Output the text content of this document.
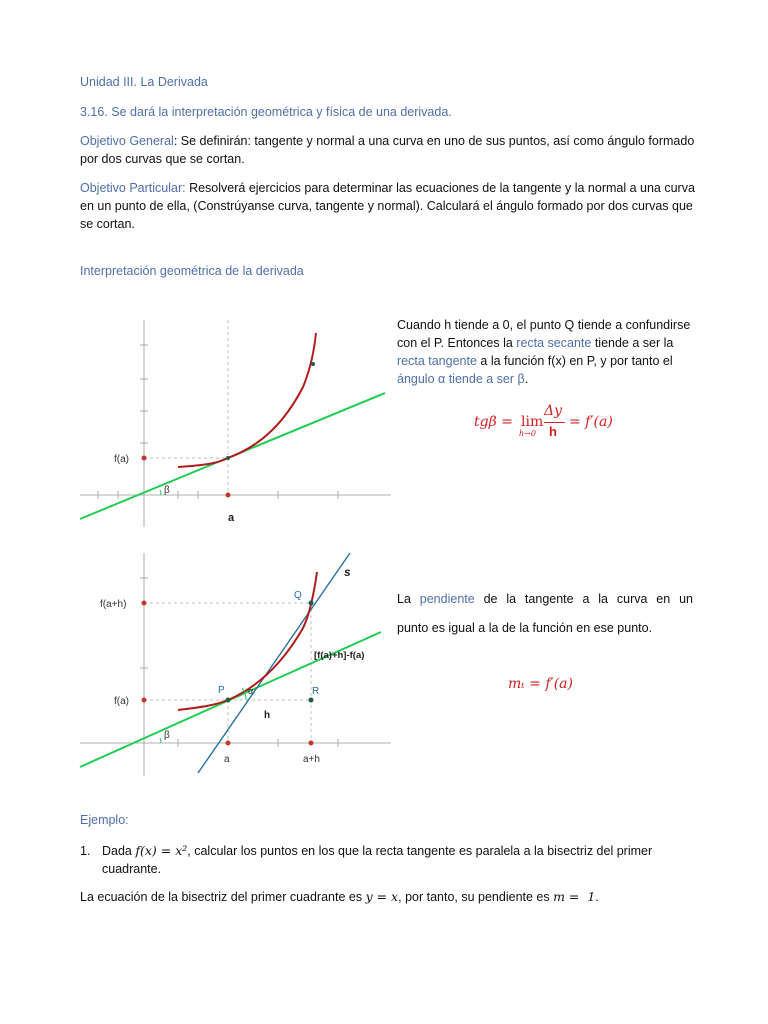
Unidad III. La Derivada
3.16. Se dará la interpretación geométrica y física de una derivada.
Objetivo General: Se definirán: tangente y normal a una curva en uno de sus puntos, así como ángulo formado por dos curvas que se cortan.
Objetivo Particular: Resolverá ejercicios para determinar las ecuaciones de la tangente y la normal a una curva en un punto de ella, (Constrúyanse curva, tangente y normal). Calculará el ángulo formado por dos curvas que se cortan.
Interpretación geométrica de la derivada
β
f(a)
a
Cuando h tiende a 0, el punto Q tiende a confundirse con el P. Entonces la recta secante tiende a ser la recta tangente a la función f(x) en P, y por tanto el ángulo α tiende a ser β.
tgβ = lim
h→0
Δy
h
= f′(a)
f(a+h)
f(a)
a	a+h
P
Q
R
h
[f(a)+h]-f(a)
s
α
β
La pendiente de la tangente a la curva en un
punto es igual a la de la función en ese punto.
mₜ = f′(a)
Ejemplo:
1. Dada f(x) = x², calcular los puntos en los que la recta tangente es paralela a la bisectriz del primer
cuadrante.
La ecuación de la bisectriz del primer cuadrante es y = x, por tanto, su pendiente es m =  1.
